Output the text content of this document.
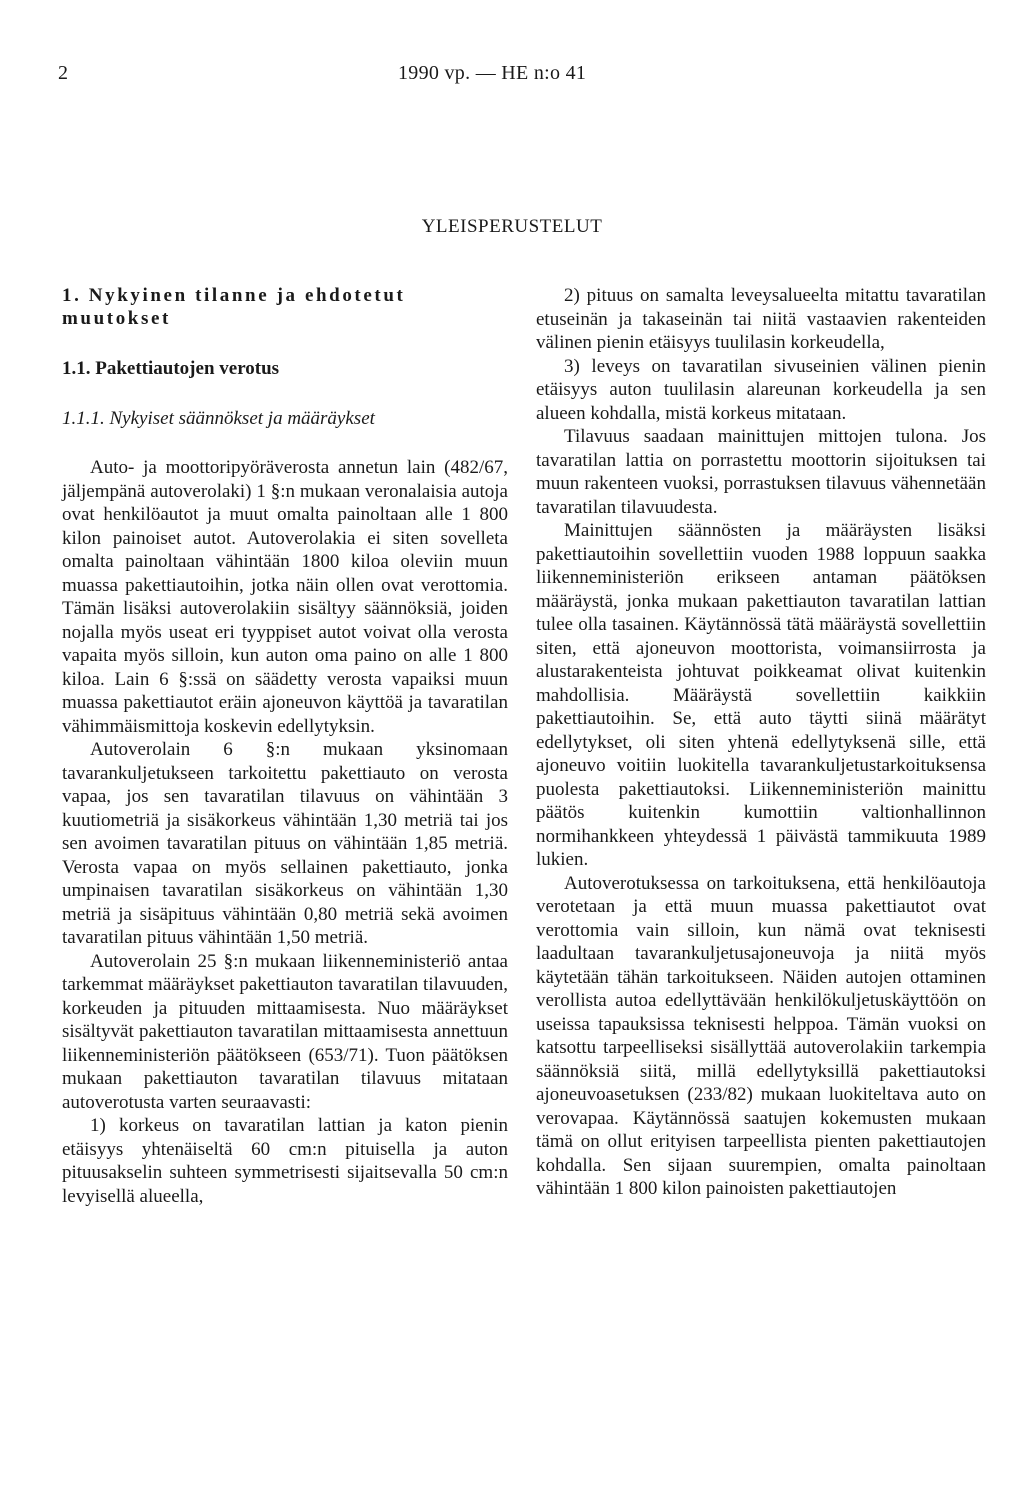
2	1990 vp. — HE n:o 41
YLEISPERUSTELUT
1. Nykyinen tilanne ja ehdotetut muutokset
1.1. Pakettiautojen verotus
1.1.1. Nykyiset säännökset ja määräykset

Auto- ja moottoripyöräverosta annetun lain (482/67, jäljempänä autoverolaki) 1 §:n mukaan veronalaisia autoja ovat henkilöautot ja muut omalta painoltaan alle 1 800 kilon painoiset autot. Autoverolakia ei siten sovelleta omalta painoltaan vähintään 1800 kiloa oleviin muun muassa pakettiautoihin, jotka näin ollen ovat verottomia. Tämän lisäksi autoverolakiin sisältyy säännöksiä, joiden nojalla myös useat eri tyyppiset autot voivat olla verosta vapaita myös silloin, kun auton oma paino on alle 1 800 kiloa. Lain 6 §:ssä on säädetty verosta vapaiksi muun muassa pakettiautot eräin ajoneuvon käyttöä ja tavaratilan vähimmäismittoja koskevin edellytyksin.

Autoverolain 6 §:n mukaan yksinomaan tavarankuljetukseen tarkoitettu pakettiauto on verosta vapaa, jos sen tavaratilan tilavuus on vähintään 3 kuutiometriä ja sisäkorkeus vähintään 1,30 metriä tai jos sen avoimen tavaratilan pituus on vähintään 1,85 metriä. Verosta vapaa on myös sellainen pakettiauto, jonka umpinaisen tavaratilan sisäkorkeus on vähintään 1,30 metriä ja sisäpituus vähintään 0,80 metriä sekä avoimen tavaratilan pituus vähintään 1,50 metriä.

Autoverolain 25 §:n mukaan liikenneministeriö antaa tarkemmat määräykset pakettiauton tavaratilan tilavuuden, korkeuden ja pituuden mittaamisesta. Nuo määräykset sisältyvät pakettiauton tavaratilan mittaamisesta annettuun liikenneministeriön päätökseen (653/71). Tuon päätöksen mukaan pakettiauton tavaratilan tilavuus mitataan autoverotusta varten seuraavasti:

1) korkeus on tavaratilan lattian ja katon pienin etäisyys yhtenäiseltä 60 cm:n pituisella ja auton pituusakselin suhteen symmetrisesti sijaitsevalla 50 cm:n levyisellä alueella,

2) pituus on samalta leveysalueelta mitattu tavaratilan etuseinän ja takaseinän tai niitä vastaavien rakenteiden välinen pienin etäisyys tuulilasin korkeudella,

3) leveys on tavaratilan sivuseinien välinen pienin etäisyys auton tuulilasin alareunan korkeudella ja sen alueen kohdalla, mistä korkeus mitataan.

Tilavuus saadaan mainittujen mittojen tulona. Jos tavaratilan lattia on porrastettu moottorin sijoituksen tai muun rakenteen vuoksi, porrastuksen tilavuus vähennetään tavaratilan tilavuudesta.

Mainittujen säännösten ja määräysten lisäksi pakettiautoihin sovellettiin vuoden 1988 loppuun saakka liikenneministeriön erikseen antaman päätöksen määräystä, jonka mukaan pakettiauton tavaratilan lattian tulee olla tasainen. Käytännössä tätä määräystä sovellettiin siten, että ajoneuvon moottorista, voimansiirrosta ja alustarakenteista johtuvat poikkeamat olivat kuitenkin mahdollisia. Määräystä sovellettiin kaikkiin pakettiautoihin. Se, että auto täytti siinä määrätyt edellytykset, oli siten yhtenä edellytyksenä sille, että ajoneuvo voitiin luokitella tavarankuljetustarkoituksensa puolesta pakettiautoksi. Liikenneministeriön mainittu päätös kuitenkin kumottiin valtionhallinnon normihankkeen yhteydessä 1 päivästä tammikuuta 1989 lukien.

Autoverotuksessa on tarkoituksena, että henkilöautoja verotetaan ja että muun muassa pakettiautot ovat verottomia vain silloin, kun nämä ovat teknisesti laadultaan tavarankuljetusajoneuvoja ja niitä myös käytetään tähän tarkoitukseen. Näiden autojen ottaminen verollista autoa edellyttävään henkilökuljetuskäyttöön on useissa tapauksissa teknisesti helppoa. Tämän vuoksi on katsottu tarpeelliseksi sisällyttää autoverolakiin tarkempia säännöksiä siitä, millä edellytyksillä pakettiautoksi ajoneuvoasetuksen (233/82) mukaan luokiteltava auto on verovapaa. Käytännössä saatujen kokemusten mukaan tämä on ollut erityisen tarpeellista pienten pakettiautojen kohdalla. Sen sijaan suurempien, omalta painoltaan vähintään 1 800 kilon painoisten pakettiautojen
